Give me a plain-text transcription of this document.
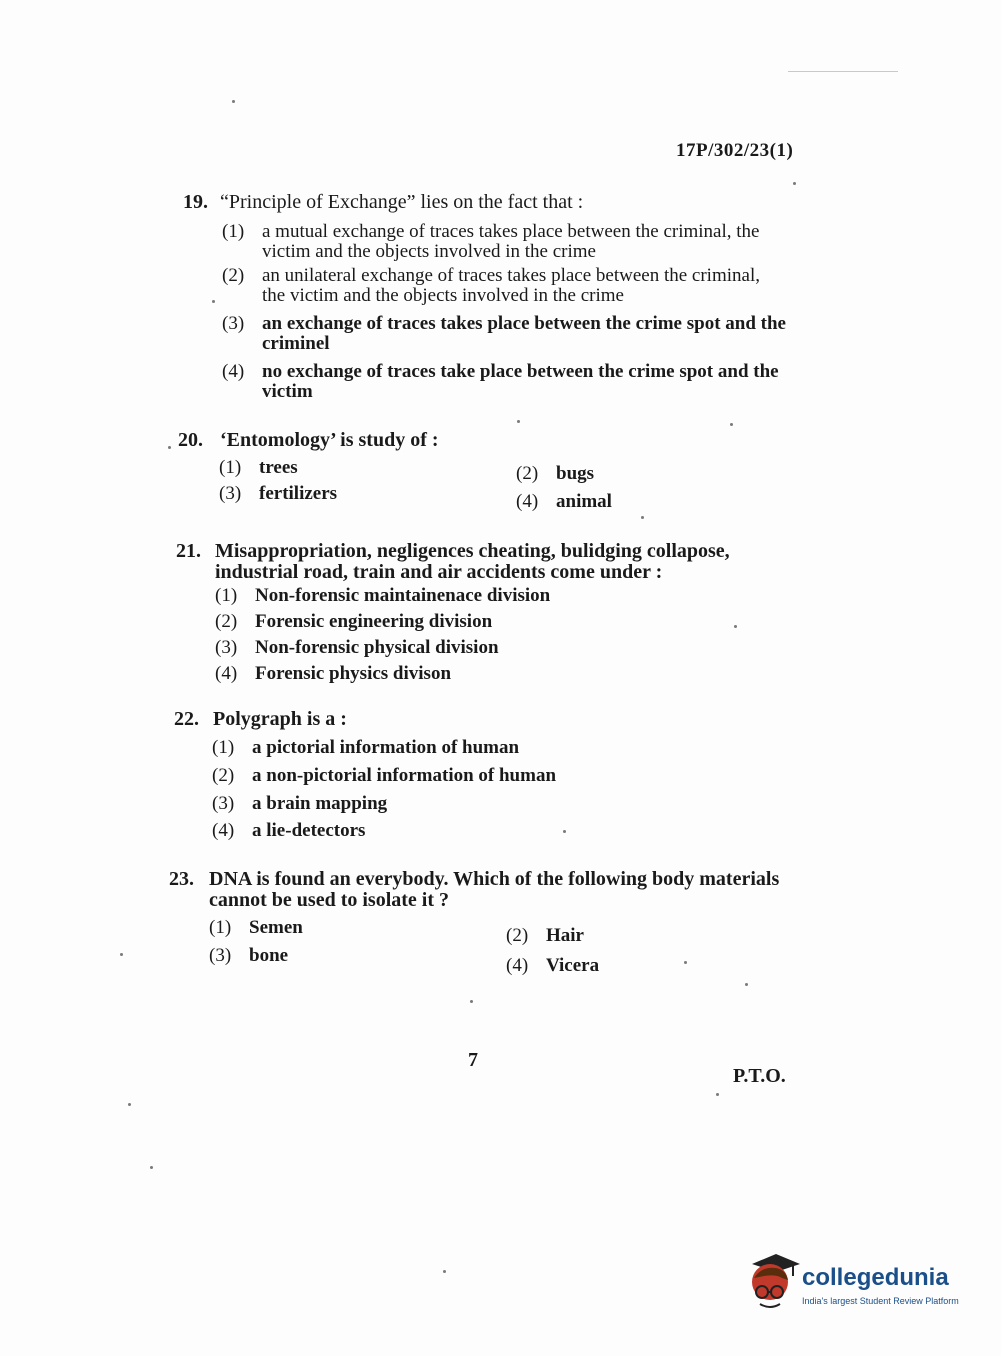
17P/302/23(1)
19. “Principle of Exchange” lies on the fact that :
(1) a mutual exchange of traces takes place between the criminal, the victim and the objects involved in the crime
(2) an unilateral exchange of traces takes place between the criminal, the victim and the objects involved in the crime
(3) an exchange of traces takes place between the crime spot and the criminel
(4) no exchange of traces take place between the crime spot and the victim
20. ‘Entomology’ is study of :
(1) trees	(2) bugs
(3) fertilizers	(4) animal
21. Misappropriation, negligences cheating, bulidging collapose, industrial road, train and air accidents come under :
(1) Non-forensic maintainenace division
(2) Forensic engineering division
(3) Non-forensic physical division
(4) Forensic physics divison
22. Polygraph is a :
(1) a pictorial information of human
(2) a non-pictorial information of human
(3) a brain mapping
(4) a lie-detectors
23. DNA is found an everybody. Which of the following body materials cannot be used to isolate it ?
(1) Semen	(2) Hair
(3) bone	(4) Vicera
7
P.T.O.
collegedunia
India's largest Student Review Platform
